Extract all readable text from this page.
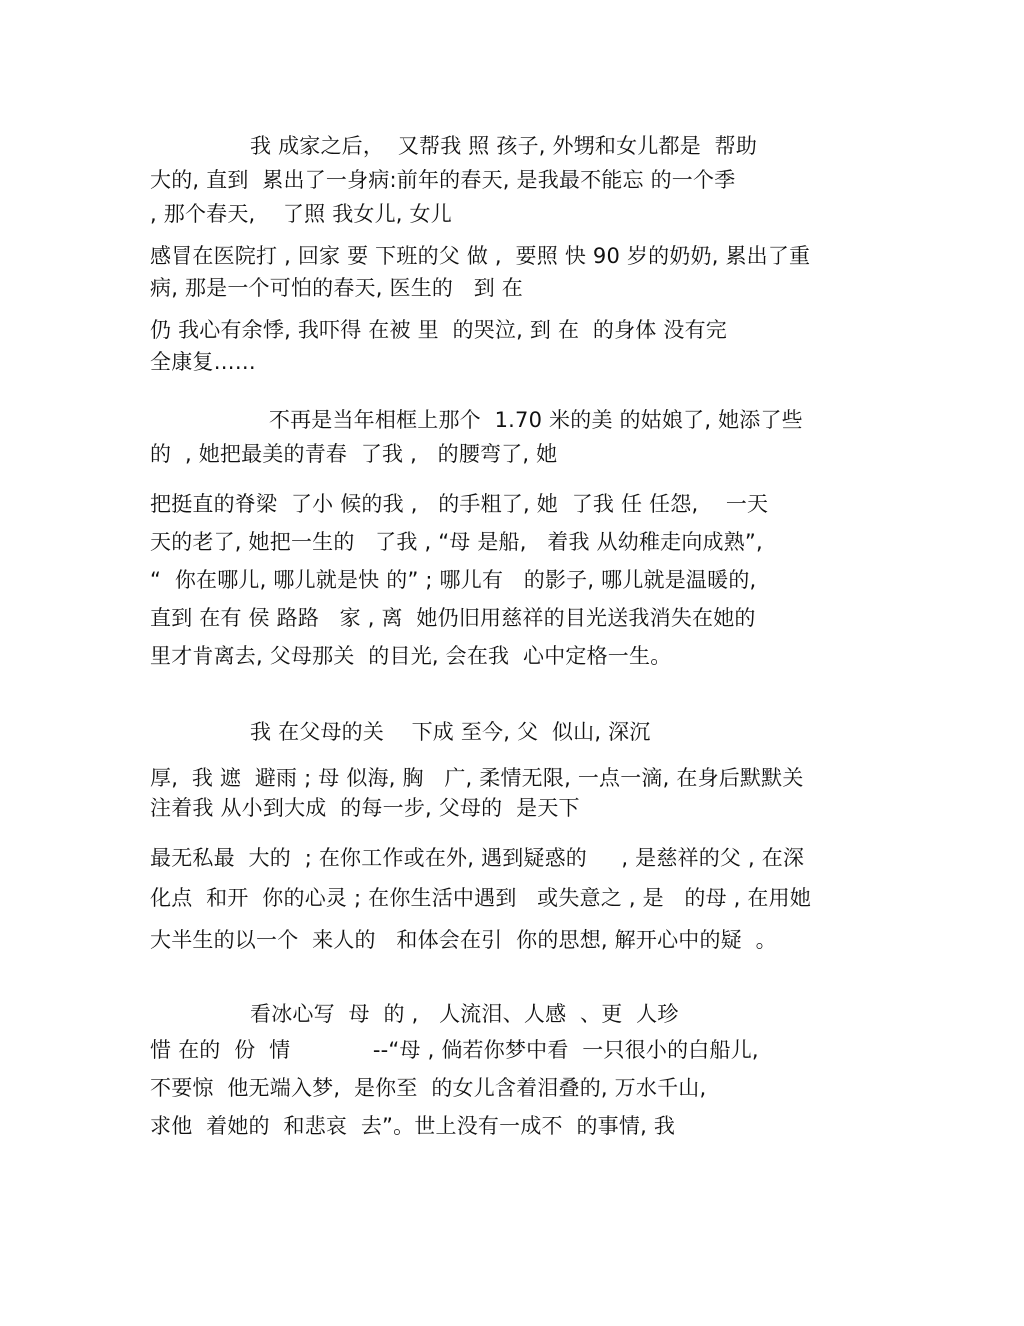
我 成家之后，  又帮我 照 孩子, 外甥和女儿都是  帮助
大的, 直到  累出了一身病:前年的春天, 是我最不能忘 的一个季
, 那个春天,    了照 我女儿, 女儿
感冒在医院打 , 回家 要 下班的父 做 ,  要照 快 90 岁的奶奶, 累出了重
病, 那是一个可怕的春天, 医生的   到 在
仍 我心有余悸, 我吓得 在被 里  的哭泣, 到 在  的身体 没有完
全康复……
不再是当年相框上那个  1.70 米的美 的姑娘了, 她添了些
的  , 她把最美的青春  了我 ,   的腰弯了, 她
把挺直的脊梁  了小 候的我 ,   的手粗了, 她  了我 任 任怨,    一天
天的老了, 她把一生的   了我 , “母 是船,   着我 从幼稚走向成熟”,
“  你在哪儿, 哪儿就是快 的” ; 哪儿有   的影子, 哪儿就是温暖的,
直到 在有 侯 路路   家 , 离  她仍旧用慈祥的目光送我消失在她的
里才肯离去, 父母那关  的目光, 会在我  心中定格一生。
我 在父母的关    下成 至今, 父  似山, 深沉
厚,  我 遮  避雨 ; 母 似海, 胸   广, 柔情无限, 一点一滴, 在身后默默关
注着我 从小到大成  的每一步, 父母的  是天下
最无私最  大的  ; 在你工作或在外, 遇到疑惑的     , 是慈祥的父 , 在深
化点  和开  你的心灵 ; 在你生活中遇到   或失意之 , 是   的母 , 在用她
大半生的以一个  来人的   和体会在引  你的思想, 解开心中的疑  。
看冰心写  母  的 ,   人流泪、人感  、更  人珍
惜 在的  份  情            --“母 , 倘若你梦中看  一只很小的白船儿,
不要惊  他无端入梦,  是你至  的女儿含着泪叠的, 万水千山,
求他  着她的  和悲哀  去”。世上没有一成不  的事情, 我
